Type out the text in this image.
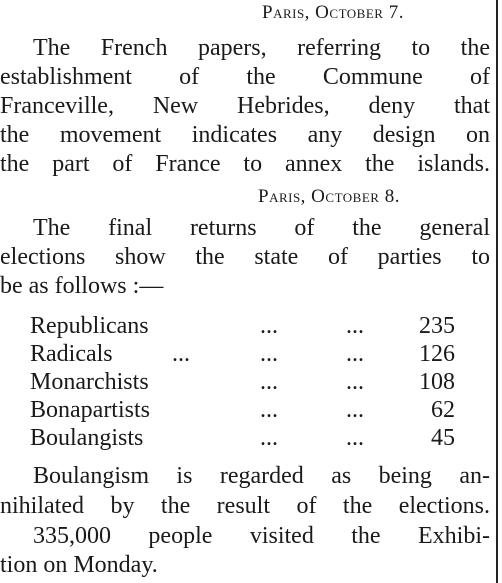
Paris, October 7.
The French papers, referring to the
establishment of the Commune of
Franceville, New Hebrides, deny that
the movement indicates any design on
the part of France to annex the islands.
Paris, October 8.
The final returns of the general
elections show the state of parties to
be as follows :—
Republicans	...	... 235
Radicals ...	...	... 126
Monarchists	...	... 108
Bonapartists	...	...	62
Boulangists	...	...	45
Boulangism is regarded as being an-
nihilated by the result of the elections.
335,000 people visited the Exhibi-
tion on Monday.
